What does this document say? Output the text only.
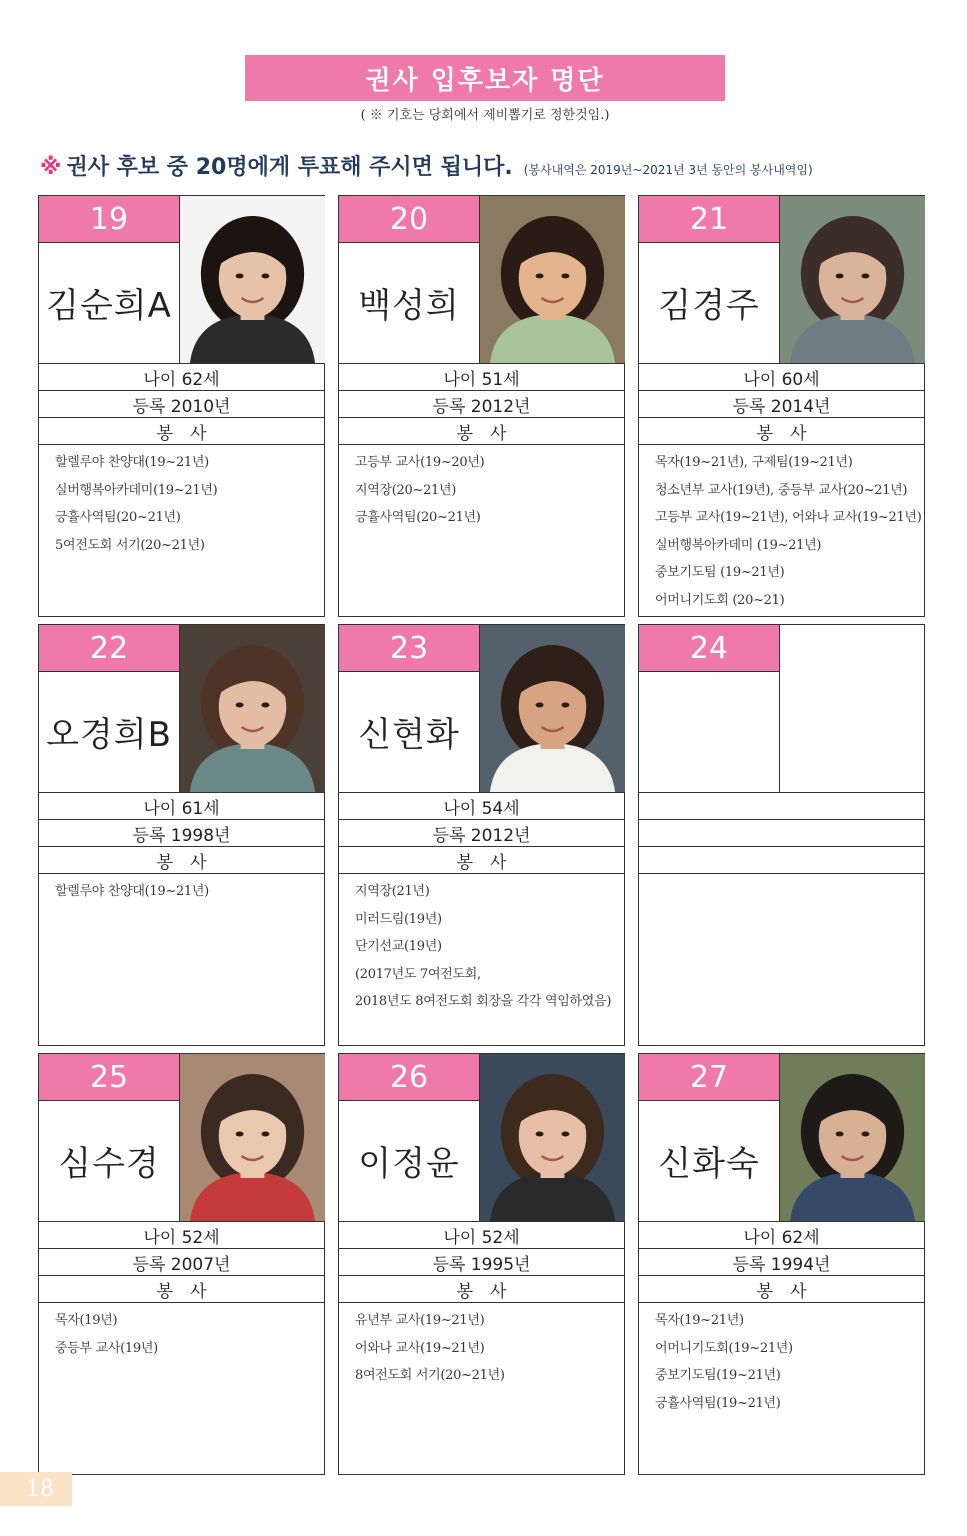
권사 입후보자 명단
( ※ 기호는 당회에서 제비뽑기로 정한것임.)
※ 권사 후보 중 20명에게 투표해 주시면 됩니다. (봉사내역은 2019년~2021년 3년 동안의 봉사내역임)
19
김순희A
나이 62세
등록 2010년
봉　사
할렐루야 찬양대(19~21년)
실버행복아카데미(19~21년)
긍휼사역팀(20~21년)
5여전도회 서기(20~21년)
20
백성희
나이 51세
등록 2012년
봉　사
고등부 교사(19~20년)
지역장(20~21년)
긍휼사역팀(20~21년)
21
김경주
나이 60세
등록 2014년
봉　사
목자(19~21년), 구제팀(19~21년)
청소년부 교사(19년), 중등부 교사(20~21년)
고등부 교사(19~21년), 어와나 교사(19~21년)
실버행복아카데미 (19~21년)
중보기도팀 (19~21년)
어머니기도회 (20~21)
22
오경희B
나이 61세
등록 1998년
봉　사
할렐루야 찬양대(19~21년)
23
신현화
나이 54세
등록 2012년
봉　사
지역장(21년)
미러드림(19년)
단기선교(19년)
(2017년도 7여전도회,
2018년도 8여전도회 회장을 각각 역임하였음)
24
25
심수경
나이 52세
등록 2007년
봉　사
목자(19년)
중등부 교사(19년)
26
이정윤
나이 52세
등록 1995년
봉　사
유년부 교사(19~21년)
어와나 교사(19~21년)
8여전도회 서기(20~21년)
27
신화숙
나이 62세
등록 1994년
봉　사
목자(19~21년)
어머니기도회(19~21년)
중보기도팀(19~21년)
긍휼사역팀(19~21년)
18
